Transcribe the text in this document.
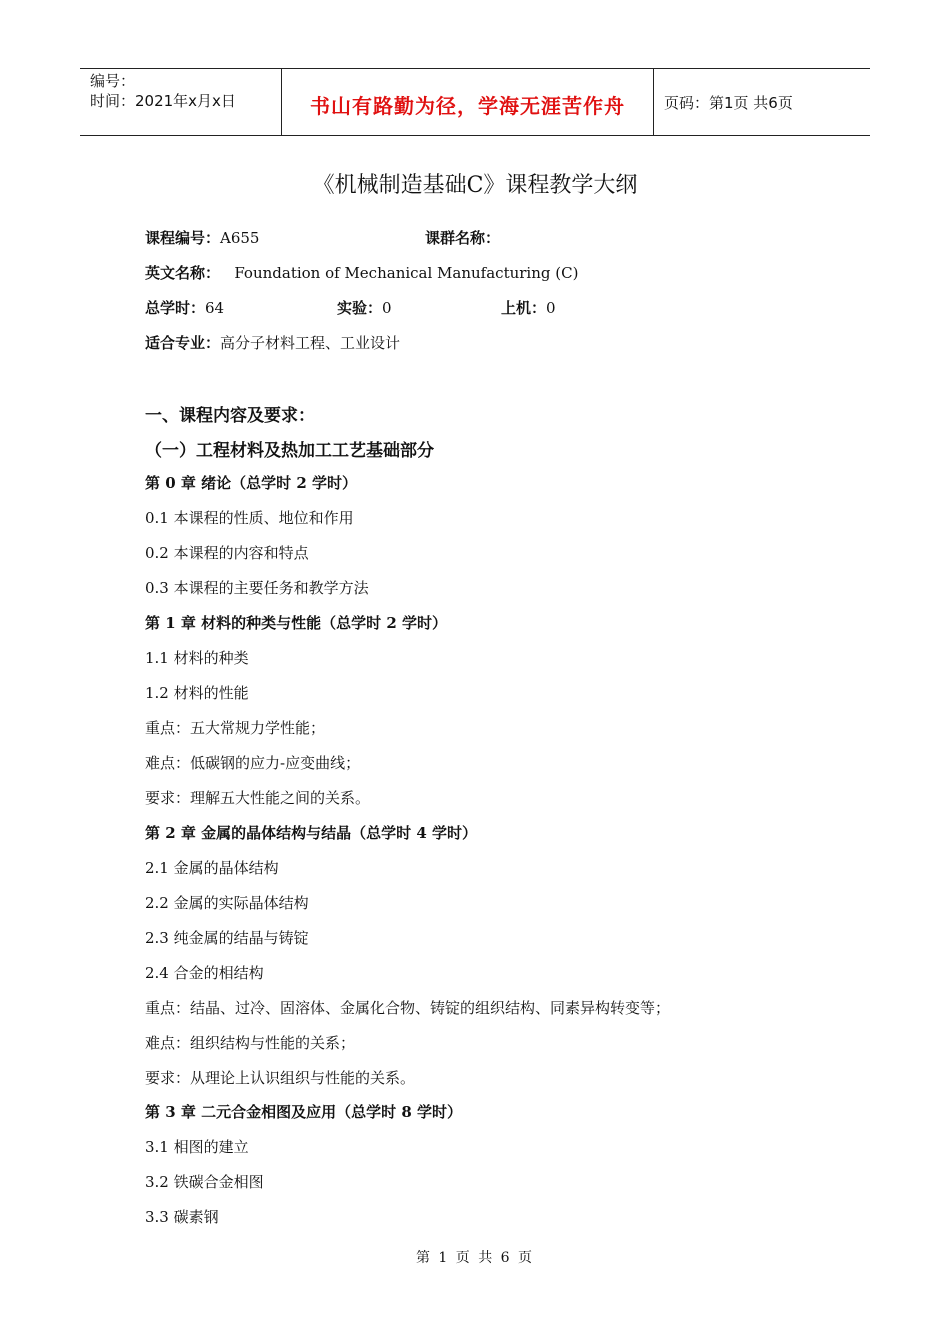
编号：
时间：2021年x月x日	书山有路勤为径，学海无涯苦作舟	页码：第1页 共6页
《机械制造基础C》课程教学大纲
课程编号：A655	课群名称：
英文名称： Foundation of Mechanical Manufacturing (C)
总学时：64	实验：0	上机：0
适合专业：高分子材料工程、工业设计
一、课程内容及要求：
（一）工程材料及热加工工艺基础部分
第 0 章 绪论（总学时 2 学时）
0.1 本课程的性质、地位和作用
0.2 本课程的内容和特点
0.3 本课程的主要任务和教学方法
第 1 章 材料的种类与性能（总学时 2 学时）
1.1 材料的种类
1.2 材料的性能
重点：五大常规力学性能；
难点：低碳钢的应力-应变曲线；
要求：理解五大性能之间的关系。
第 2 章 金属的晶体结构与结晶（总学时 4 学时）
2.1 金属的晶体结构
2.2 金属的实际晶体结构
2.3 纯金属的结晶与铸锭
2.4 合金的相结构
重点：结晶、过冷、固溶体、金属化合物、铸锭的组织结构、同素异构转变等；
难点：组织结构与性能的关系；
要求：从理论上认识组织与性能的关系。
第 3 章 二元合金相图及应用（总学时 8 学时）
3.1 相图的建立
3.2 铁碳合金相图
3.3 碳素钢
第 1 页 共 6 页
